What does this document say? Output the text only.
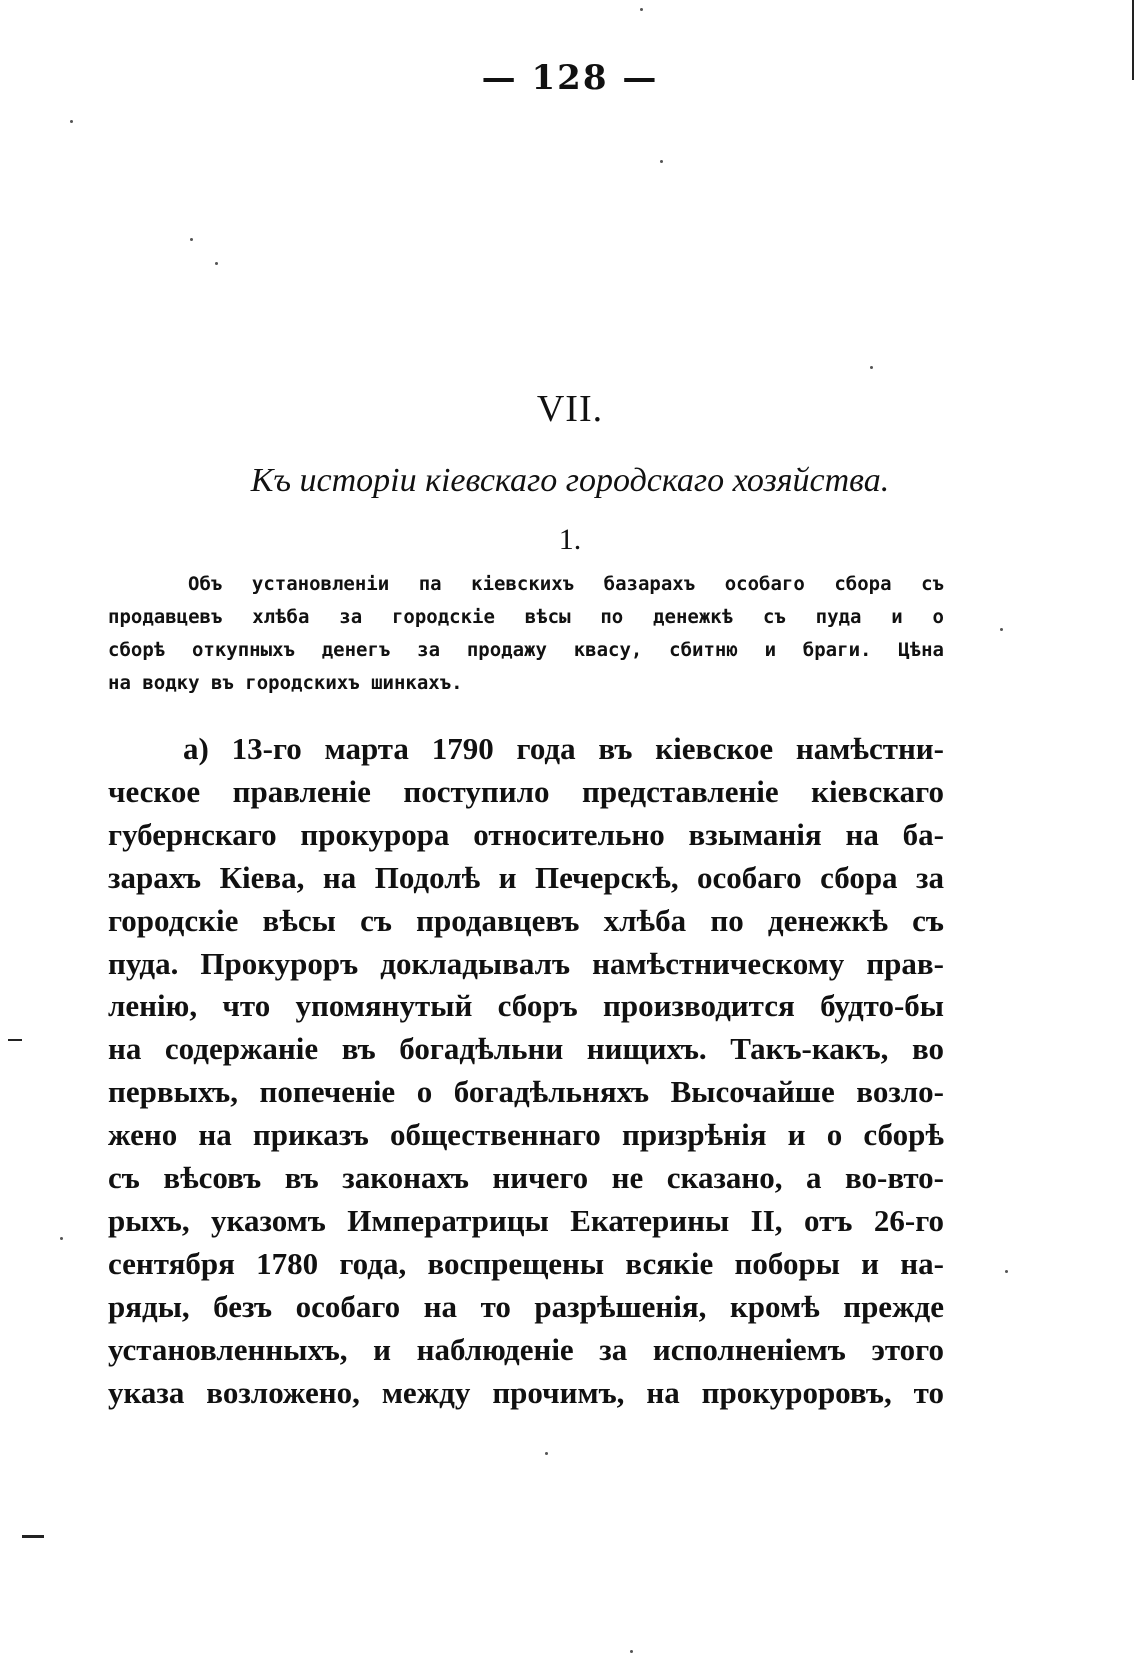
— 128 —
VII.
Къ исторіи кіевскаго городскаго хозяйства.
1.
Объ установленіи па кіевскихъ базарахъ особаго сбора съ
продавцевъ хлѣба за городскіе вѣсы по денежкѣ съ пуда и о
сборѣ откупныхъ денегъ за продажу квасу, сбитню и браги. Цѣна
на водку въ городскихъ шинкахъ.
а) 13-го марта 1790 года въ кіевское намѣстни-
ческое правленіе поступило представленіе кіевскаго
губернскаго прокурора относительно взыманія на ба-
зарахъ Кіева, на Подолѣ и Печерскѣ, особаго сбора за
городскіе вѣсы съ продавцевъ хлѣба по денежкѣ съ
пуда. Прокуроръ докладывалъ намѣстническому прав-
ленію, что упомянутый сборъ производится будто-бы
на содержаніе въ богадѣльни нищихъ. Такъ-какъ, во
первыхъ, попеченіе о богадѣльняхъ Высочайше возло-
жено на приказъ общественнаго призрѣнія и о сборѣ
съ вѣсовъ въ законахъ ничего не сказано, а во-вто-
рыхъ, указомъ Императрицы Екатерины II, отъ 26-го
сентября 1780 года, воспрещены всякіе поборы и на-
ряды, безъ особаго на то разрѣшенія, кромѣ прежде
установленныхъ, и наблюденіе за исполненіемъ этого
указа возложено, между прочимъ, на прокуроровъ, то
